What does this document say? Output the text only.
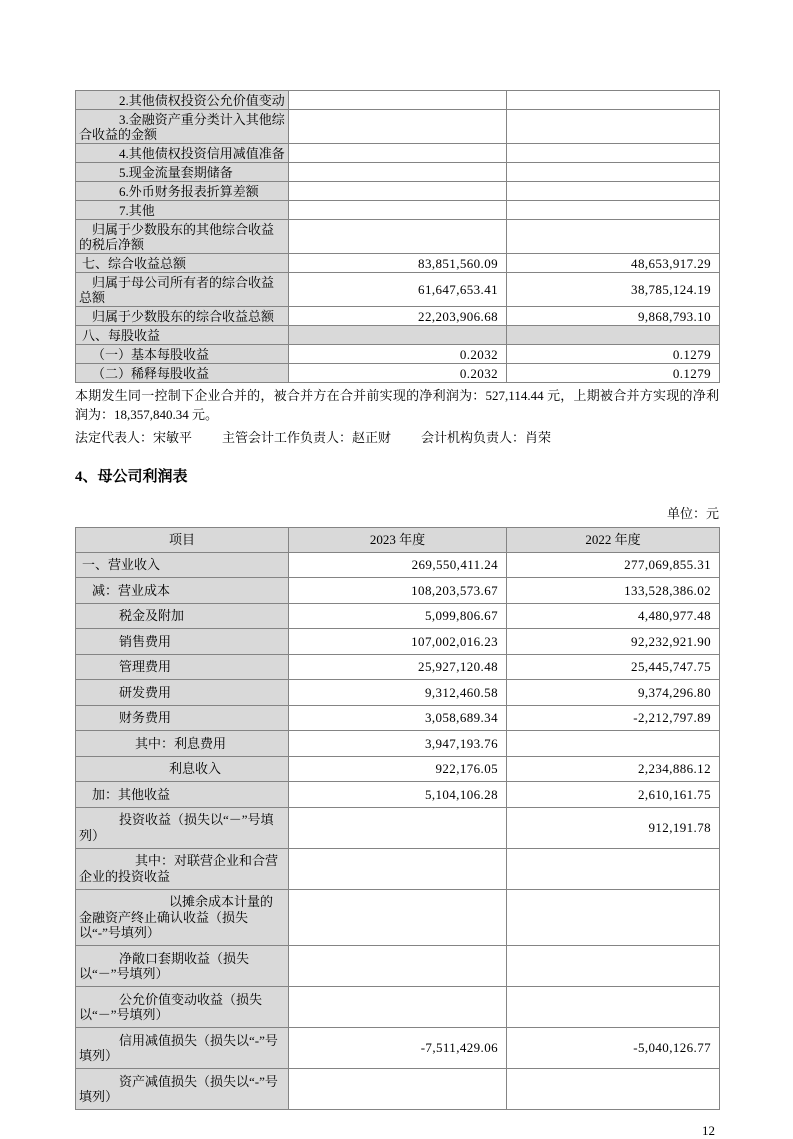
2.其他债权投资公允价值变动		
3.金融资产重分类计入其他综合收益的金额		
4.其他债权投资信用减值准备		
5.现金流量套期储备		
6.外币财务报表折算差额		
7.其他		
归属于少数股东的其他综合收益的税后净额		
七、综合收益总额	83,851,560.09	48,653,917.29
归属于母公司所有者的综合收益总额	61,647,653.41	38,785,124.19
归属于少数股东的综合收益总额	22,203,906.68	9,868,793.10
八、每股收益		
（一）基本每股收益	0.2032	0.1279
（二）稀释每股收益	0.2032	0.1279

本期发生同一控制下企业合并的，被合并方在合并前实现的净利润为：527,114.44 元，上期被合并方实现的净利润为：18,357,840.34 元。

法定代表人：宋敏平 主管会计工作负责人：赵正财 会计机构负责人：肖荣

4、母公司利润表
单位：元
项目	2023 年度	2022 年度
一、营业收入	269,550,411.24	277,069,855.31
减：营业成本	108,203,573.67	133,528,386.02
税金及附加	5,099,806.67	4,480,977.48
销售费用	107,002,016.23	92,232,921.90
管理费用	25,927,120.48	25,445,747.75
研发费用	9,312,460.58	9,374,296.80
财务费用	3,058,689.34	-2,212,797.89
其中：利息费用	3,947,193.76	
利息收入	922,176.05	2,234,886.12
加：其他收益	5,104,106.28	2,610,161.75
投资收益（损失以“－”号填列）		912,191.78
其中：对联营企业和合营企业的投资收益		
以摊余成本计量的金融资产终止确认收益（损失以“-”号填列）		
净敞口套期收益（损失以“－”号填列）		
公允价值变动收益（损失以“－”号填列）		
信用减值损失（损失以“-”号填列）	-7,511,429.06	-5,040,126.77
资产减值损失（损失以“-”号填列）		
12
